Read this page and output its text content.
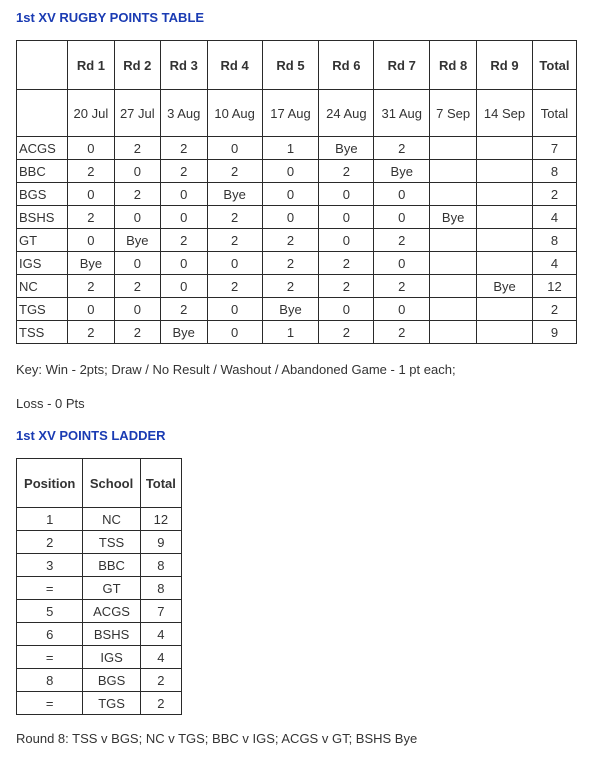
1st XV RUGBY POINTS TABLE
	Rd 1	Rd 2	Rd 3	Rd 4	Rd 5	Rd 6	Rd 7	Rd 8	Rd 9	Total
	20 Jul	27 Jul	3 Aug	10 Aug	17 Aug	24 Aug	31 Aug	7 Sep	14 Sep	Total
ACGS	0	2	2	0	1	Bye	2			7
BBC	2	0	2	2	0	2	Bye			8
BGS	0	2	0	Bye	0	0	0			2
BSHS	2	0	0	2	0	0	0	Bye		4
GT	0	Bye	2	2	2	0	2			8
IGS	Bye	0	0	0	2	2	0			4
NC	2	2	0	2	2	2	2		Bye	12
TGS	0	0	2	0	Bye	0	0			2
TSS	2	2	Bye	0	1	2	2			9
Key: Win - 2pts; Draw / No Result / Washout / Abandoned Game - 1 pt each;
Loss - 0 Pts
1st XV POINTS LADDER
Position	School	Total
1	NC	12
2	TSS	9
3	BBC	8
=	GT	8
5	ACGS	7
6	BSHS	4
=	IGS	4
8	BGS	2
=	TGS	2
Round 8: TSS v BGS; NC v TGS; BBC v IGS; ACGS v GT; BSHS Bye
